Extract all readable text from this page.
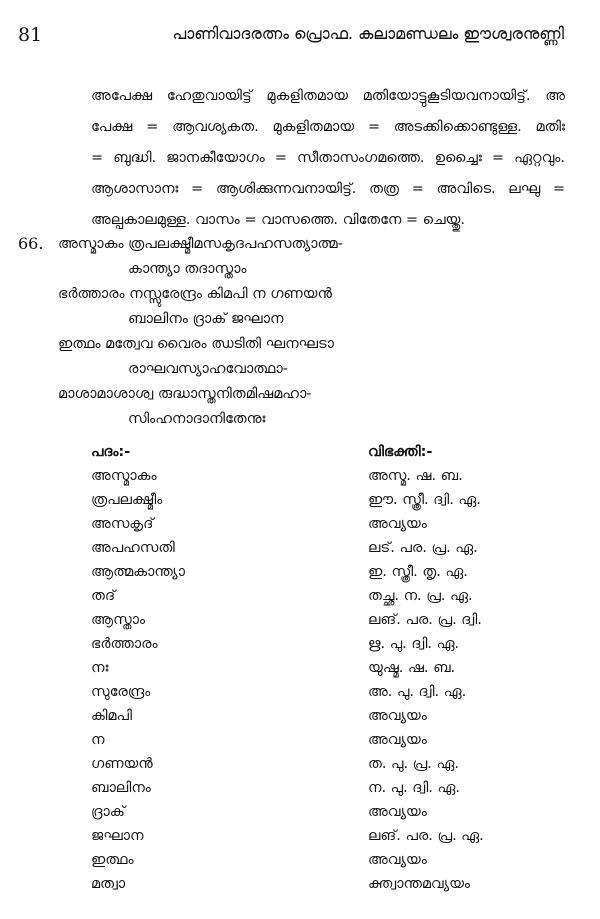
81	പാണിവാദരത്നം പ്രൊഫ. കലാമണ്ഡലം ഈശ്വരനുണ്ണി
അപേക്ഷ ഹേതുവായിട്ട് മുകളിതമായ മതിയോട്ടുകൂടിയവനായിട്ട്. അ
പേക്ഷ = ആവശ്യകത. മുകളിതമായ = അടക്കിക്കൊണ്ടുള്ള. മതിഃ
= ബുദ്ധി. ജാനകീയോഗം = സീതാസംഗമത്തെ. ഉച്ചൈഃ = ഏറ്റവും.
ആശാസാനഃ = ആശിക്കുന്നവനായിട്ട്. തത്ര = അവിടെ. ലഘു =
അല്പകാലമുള്ള. വാസം = വാസത്തെ. വിതേനേ = ചെയ്തു.
66. അസ്മാകം ത്രപലക്ഷ്മീമസകൃദപഹസത്യാത്മ-
കാന്ത്യാ തദാസ്താം
ഭർത്താരം നസ്സുരേന്ദ്രം കിമപി ന ഗണയൻ
ബാലിനം ദ്രാക് ജഘാന
ഇത്ഥം മത്വേവ വൈരം ഝടിതി ഘനഘടാ
രാഘവസ്യാഹവോത്ഥാ-
മാശാമാശാശ്വ രുദ്ധാസ്തനിതമിഷമഹാ-
സിംഹനാദാനിതേനുഃ
പദം:-	വിഭക്തി:-
അസ്മാകം	അസ്മ. ഷ. ബ.
ത്രപലക്ഷ്മീം	ഈ. സ്ത്രീ. ദ്വി. ഏ.
അസകൃദ്	അവ്യയം
അപഹസതി	ലട്. പര. പ്ര. ഏ.
ആത്മകാന്ത്യാ	ഇ. സ്ത്രീ. തൃ. ഏ.
തദ്	തച്ഛ. ന. പ്ര. ഏ.
ആസ്താം	ലങ്. പര. പ്ര. ദ്വി.
ഭർത്താരം	ഋ. പു. ദ്വി. ഏ.
നഃ	യുഷ്മ. ഷ. ബ.
സുരേന്ദ്രം	അ. പു. ദ്വി. ഏ.
കിമപി	അവ്യയം
ന	അവ്യയം
ഗണയൻ	ത. പു. പ്ര. ഏ.
ബാലിനം	ന. പു. ദ്വി. ഏ.
ദ്രാക്	അവ്യയം
ജഘാന	ലങ്. പര. പ്ര. ഏ.
ഇത്ഥം	അവ്യയം
മത്വാ	ക്ത്വാന്തമവ്യയം
